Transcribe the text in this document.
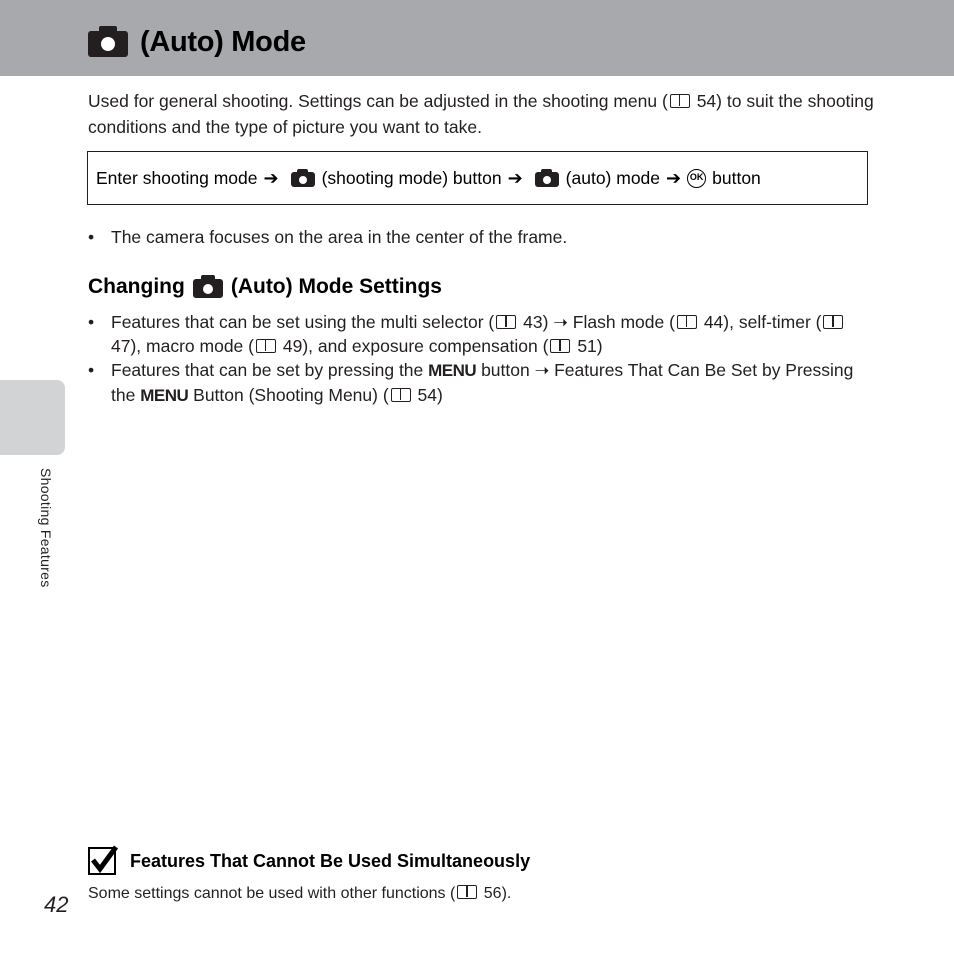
(Auto) Mode

Used for general shooting. Settings can be adjusted in the shooting menu ( 54) to suit the shooting conditions and the type of picture you want to take.

Enter shooting mode ➔ (shooting mode) button ➔ (auto) mode ➔ OK button
• The camera focuses on the area in the center of the frame.
Changing (Auto) Mode Settings
• Features that can be set using the multi selector ( 43) ➝ Flash mode ( 44), self-timer ( 47), macro mode ( 49), and exposure compensation ( 51)
• Features that can be set by pressing the MENU button ➝ Features That Can Be Set by Pressing the MENU Button (Shooting Menu) ( 54)
Shooting Features
Features That Cannot Be Used Simultaneously

Some settings cannot be used with other functions ( 56).

42
